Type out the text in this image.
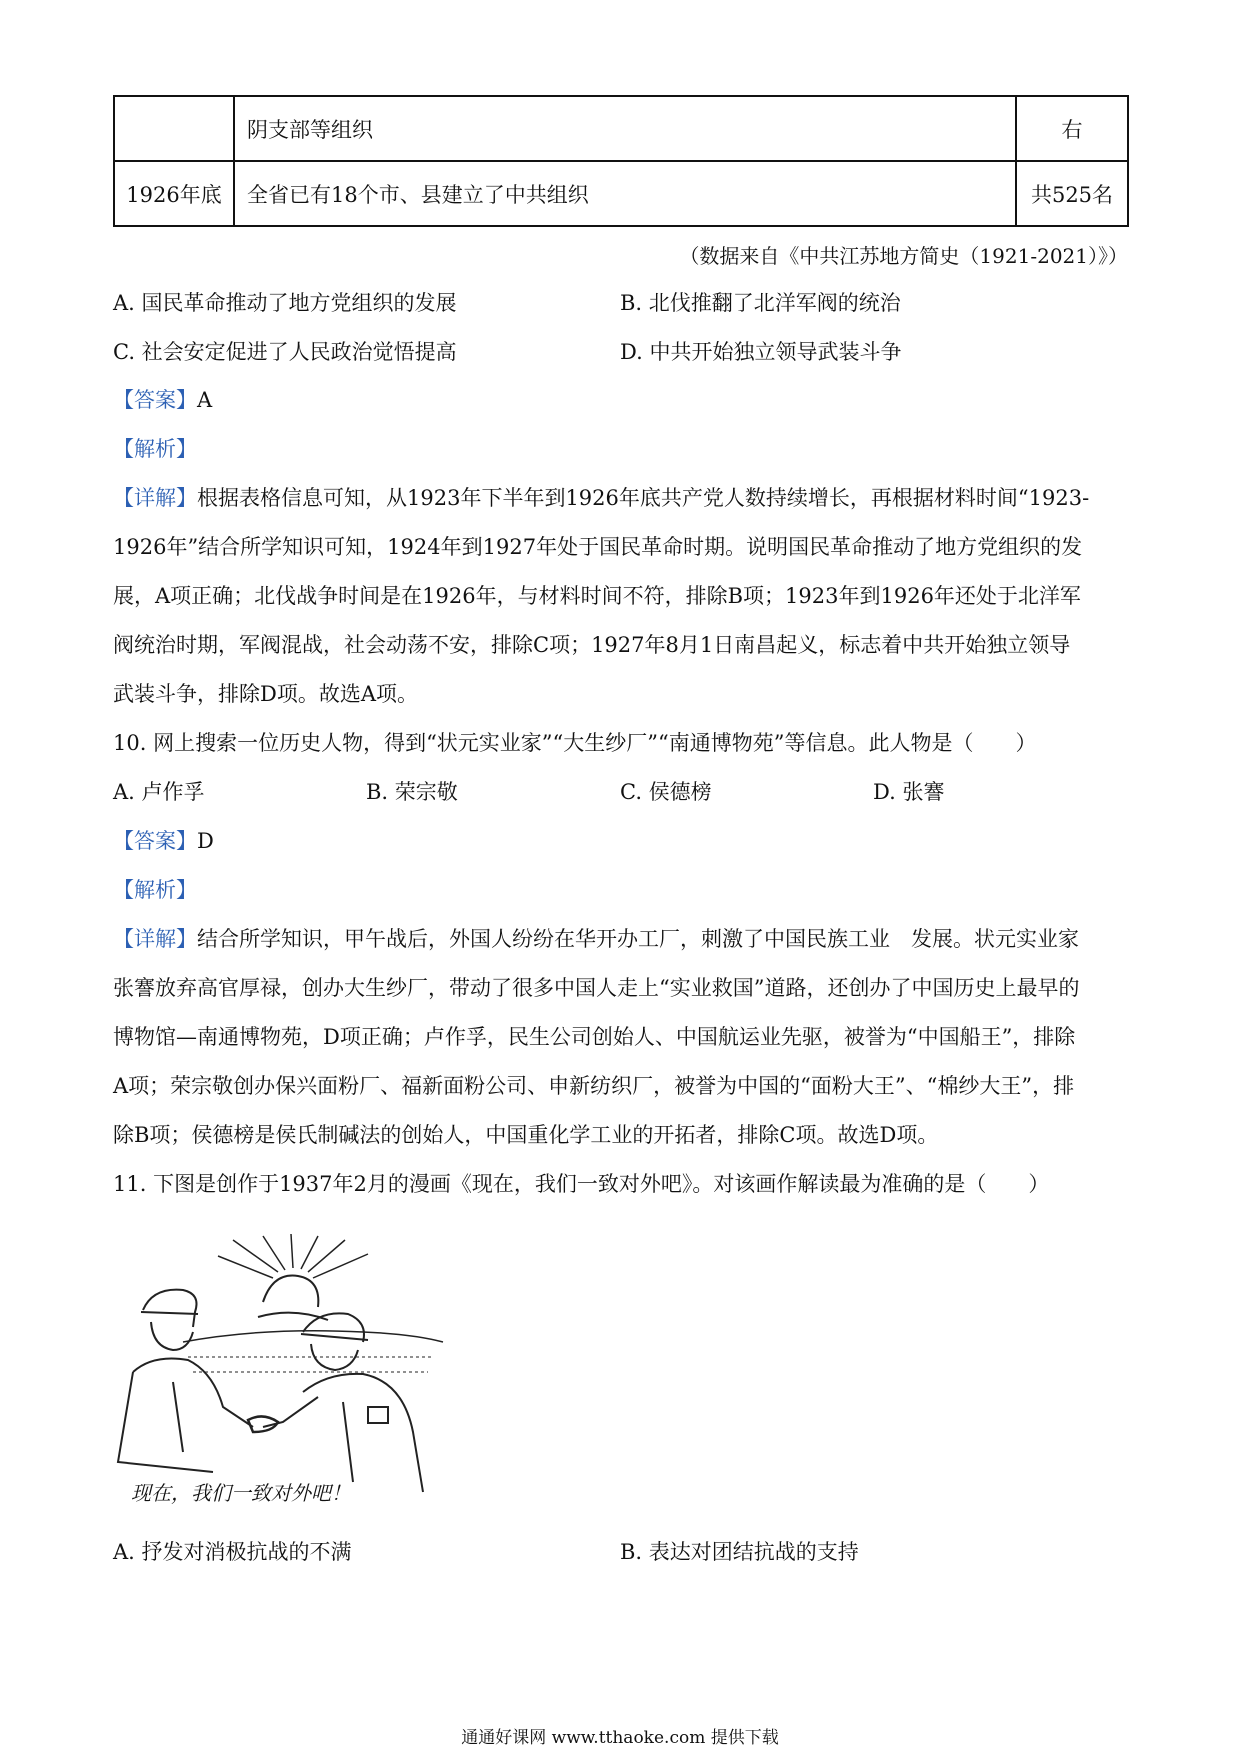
	阴支部等组织	右
1926年底	全省已有18个市、县建立了中共组织	共525名
（数据来自《中共江苏地方简史（1921-2021）》）
A. 国民革命推动了地方党组织的发展	B. 北伐推翻了北洋军阀的统治
C. 社会安定促进了人民政治觉悟提高	D. 中共开始独立领导武装斗争
【答案】A
【解析】
【详解】根据表格信息可知，从1923年下半年到1926年底共产党人数持续增长，再根据材料时间“1923-
1926年”结合所学知识可知，1924年到1927年处于国民革命时期。说明国民革命推动了地方党组织的发
展，A项正确；北伐战争时间是在1926年，与材料时间不符，排除B项；1923年到1926年还处于北洋军
阀统治时期，军阀混战，社会动荡不安，排除C项；1927年8月1日南昌起义，标志着中共开始独立领导
武装斗争，排除D项。故选A项。
10. 网上搜索一位历史人物，得到“状元实业家”“大生纱厂”“南通博物苑”等信息。此人物是（　　）
A. 卢作孚	B. 荣宗敬	C. 侯德榜	D. 张謇
【答案】D
【解析】
【详解】结合所学知识，甲午战后，外国人纷纷在华开办工厂，刺激了中国民族工业　发展。状元实业家
张謇放弃高官厚禄，创办大生纱厂，带动了很多中国人走上“实业救国”道路，还创办了中国历史上最早的
博物馆—南通博物苑，D项正确；卢作孚，民生公司创始人、中国航运业先驱，被誉为“中国船王”，排除
A项；荣宗敬创办保兴面粉厂、福新面粉公司、申新纺织厂，被誉为中国的“面粉大王”、“棉纱大王”，排
除B项；侯德榜是侯氏制碱法的创始人，中国重化学工业的开拓者，排除C项。故选D项。
11. 下图是创作于1937年2月的漫画《现在，我们一致对外吧》。对该画作解读最为准确的是（　　）
现在，我们一致对外吧！
A. 抒发对消极抗战的不满	B. 表达对团结抗战的支持
通通好课网 www.tthaoke.com 提供下载
